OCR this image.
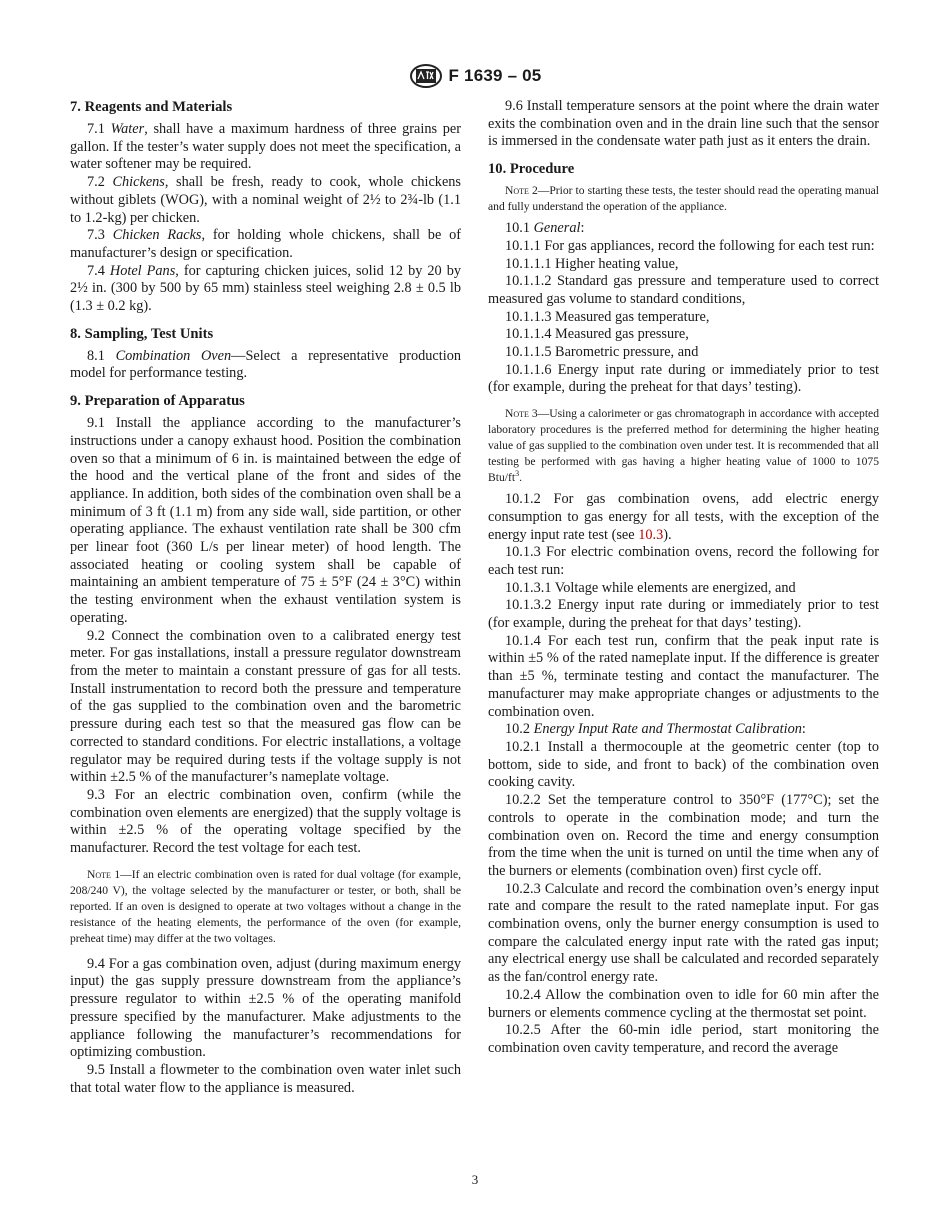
F 1639 – 05
7. Reagents and Materials

7.1 Water, shall have a maximum hardness of three grains per gallon. If the tester’s water supply does not meet the specification, a water softener may be required.

7.2 Chickens, shall be fresh, ready to cook, whole chickens without giblets (WOG), with a nominal weight of 2½ to 2¾-lb (1.1 to 1.2-kg) per chicken.

7.3 Chicken Racks, for holding whole chickens, shall be of manufacturer’s design or specification.

7.4 Hotel Pans, for capturing chicken juices, solid 12 by 20 by 2½ in. (300 by 500 by 65 mm) stainless steel weighing 2.8 ± 0.5 lb (1.3 ± 0.2 kg).

8. Sampling, Test Units

8.1 Combination Oven—Select a representative production model for performance testing.

9. Preparation of Apparatus

9.1 Install the appliance according to the manufacturer’s instructions under a canopy exhaust hood. Position the combination oven so that a minimum of 6 in. is maintained between the edge of the hood and the vertical plane of the front and sides of the appliance. In addition, both sides of the combination oven shall be a minimum of 3 ft (1.1 m) from any side wall, side partition, or other operating appliance. The exhaust ventilation rate shall be 300 cfm per linear foot (360 L/s per linear meter) of hood length. The associated heating or cooling system shall be capable of maintaining an ambient temperature of 75 ± 5°F (24 ± 3°C) within the testing environment when the exhaust ventilation system is operating.

9.2 Connect the combination oven to a calibrated energy test meter. For gas installations, install a pressure regulator downstream from the meter to maintain a constant pressure of gas for all tests. Install instrumentation to record both the pressure and temperature of the gas supplied to the combination oven and the barometric pressure during each test so that the measured gas flow can be corrected to standard conditions. For electric installations, a voltage regulator may be required during tests if the voltage supply is not within ±2.5 % of the manufacturer’s nameplate voltage.

9.3 For an electric combination oven, confirm (while the combination oven elements are energized) that the supply voltage is within ±2.5 % of the operating voltage specified by the manufacturer. Record the test voltage for each test.

Note 1—If an electric combination oven is rated for dual voltage (for example, 208/240 V), the voltage selected by the manufacturer or tester, or both, shall be reported. If an oven is designed to operate at two voltages without a change in the resistance of the heating elements, the performance of the oven (for example, preheat time) may differ at the two voltages.

9.4 For a gas combination oven, adjust (during maximum energy input) the gas supply pressure downstream from the appliance’s pressure regulator to within ±2.5 % of the operating manifold pressure specified by the manufacturer. Make adjustments to the appliance following the manufacturer’s recommendations for optimizing combustion.

9.5 Install a flowmeter to the combination oven water inlet such that total water flow to the appliance is measured.

9.6 Install temperature sensors at the point where the drain water exits the combination oven and in the drain line such that the sensor is immersed in the condensate water path just as it enters the drain.

10. Procedure

Note 2—Prior to starting these tests, the tester should read the operating manual and fully understand the operation of the appliance.

10.1 General:

10.1.1 For gas appliances, record the following for each test run:

10.1.1.1 Higher heating value,

10.1.1.2 Standard gas pressure and temperature used to correct measured gas volume to standard conditions,

10.1.1.3 Measured gas temperature,

10.1.1.4 Measured gas pressure,

10.1.1.5 Barometric pressure, and

10.1.1.6 Energy input rate during or immediately prior to test (for example, during the preheat for that days’ testing).

Note 3—Using a calorimeter or gas chromatograph in accordance with accepted laboratory procedures is the preferred method for determining the higher heating value of gas supplied to the combination oven under test. It is recommended that all testing be performed with gas having a higher heating value of 1000 to 1075 Btu/$ft^3$.

10.1.2 For gas combination ovens, add electric energy consumption to gas energy for all tests, with the exception of the energy input rate test (see 10.3).

10.1.3 For electric combination ovens, record the following for each test run:

10.1.3.1 Voltage while elements are energized, and

10.1.3.2 Energy input rate during or immediately prior to test (for example, during the preheat for that days’ testing).

10.1.4 For each test run, confirm that the peak input rate is within ±5 % of the rated nameplate input. If the difference is greater than ±5 %, terminate testing and contact the manufacturer. The manufacturer may make appropriate changes or adjustments to the combination oven.

10.2 Energy Input Rate and Thermostat Calibration:

10.2.1 Install a thermocouple at the geometric center (top to bottom, side to side, and front to back) of the combination oven cooking cavity.

10.2.2 Set the temperature control to 350°F (177°C); set the controls to operate in the combination mode; and turn the combination oven on. Record the time and energy consumption from the time when the unit is turned on until the time when any of the burners or elements (combination oven) first cycle off.

10.2.3 Calculate and record the combination oven’s energy input rate and compare the result to the rated nameplate input. For gas combination ovens, only the burner energy consumption is used to compare the calculated energy input rate with the rated gas input; any electrical energy use shall be calculated and recorded separately as the fan/control energy rate.

10.2.4 Allow the combination oven to idle for 60 min after the burners or elements commence cycling at the thermostat set point.

10.2.5 After the 60-min idle period, start monitoring the combination oven cavity temperature, and record the average

3
